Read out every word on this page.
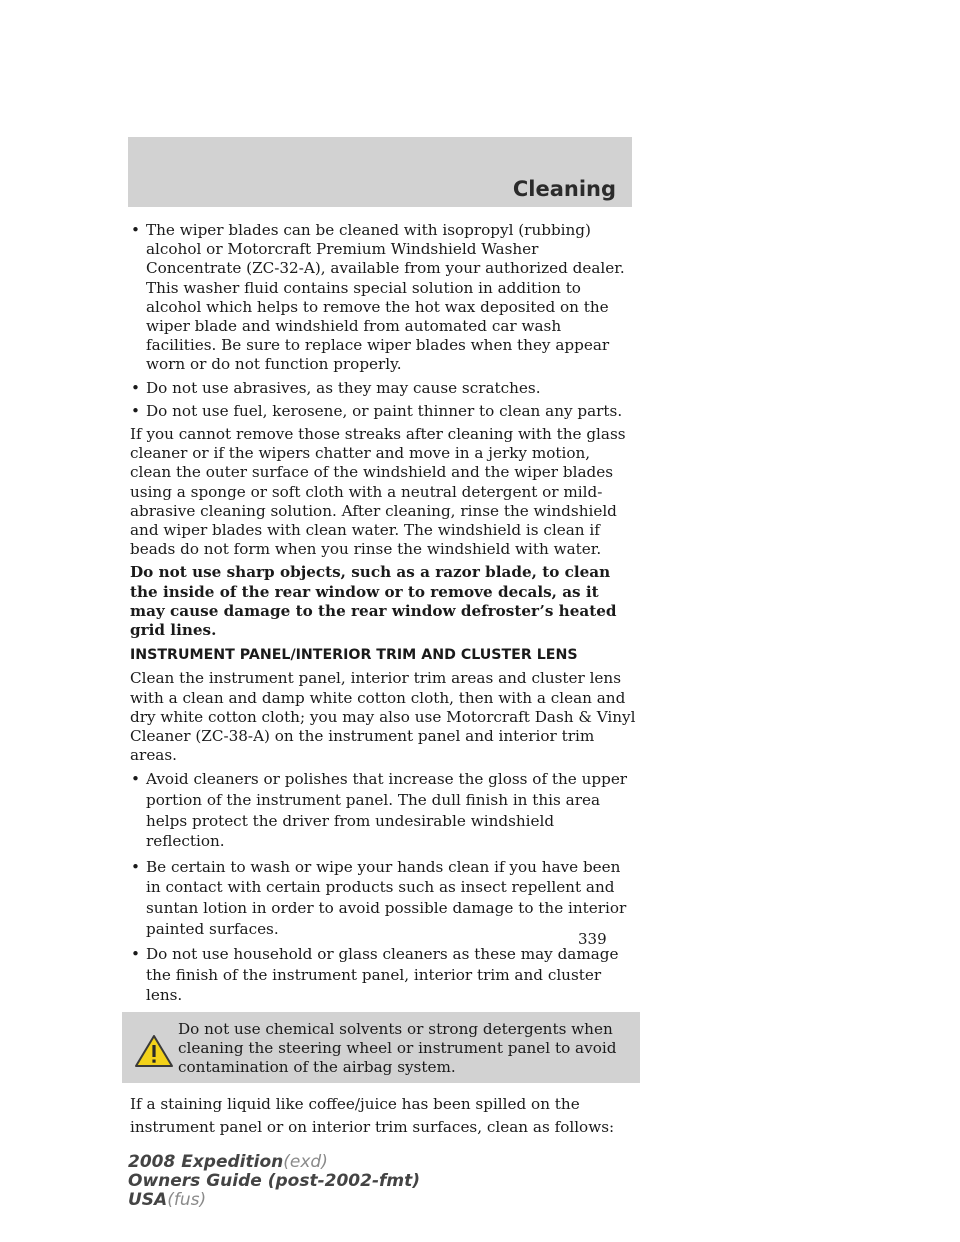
Cleaning
• The wiper blades can be cleaned with isopropyl (rubbing) alcohol or Motorcraft Premium Windshield Washer Concentrate (ZC-32-A), available from your authorized dealer. This washer fluid contains special solution in addition to alcohol which helps to remove the hot wax deposited on the wiper blade and windshield from automated car wash facilities. Be sure to replace wiper blades when they appear worn or do not function properly.
• Do not use abrasives, as they may cause scratches.
• Do not use fuel, kerosene, or paint thinner to clean any parts.

If you cannot remove those streaks after cleaning with the glass cleaner or if the wipers chatter and move in a jerky motion, clean the outer surface of the windshield and the wiper blades using a sponge or soft cloth with a neutral detergent or mild-abrasive cleaning solution. After cleaning, rinse the windshield and wiper blades with clean water. The windshield is clean if beads do not form when you rinse the windshield with water.

Do not use sharp objects, such as a razor blade, to clean the inside of the rear window or to remove decals, as it may cause damage to the rear window defroster’s heated grid lines.

INSTRUMENT PANEL/INTERIOR TRIM AND CLUSTER LENS

Clean the instrument panel, interior trim areas and cluster lens with a clean and damp white cotton cloth, then with a clean and dry white cotton cloth; you may also use Motorcraft Dash & Vinyl Cleaner (ZC-38-A) on the instrument panel and interior trim areas.

• Avoid cleaners or polishes that increase the gloss of the upper portion of the instrument panel. The dull finish in this area helps protect the driver from undesirable windshield reflection.
• Be certain to wash or wipe your hands clean if you have been in contact with certain products such as insect repellent and suntan lotion in order to avoid possible damage to the interior painted surfaces.
• Do not use household or glass cleaners as these may damage the finish of the instrument panel, interior trim and cluster lens.
Do not use chemical solvents or strong detergents when cleaning the steering wheel or instrument panel to avoid contamination of the airbag system.

If a staining liquid like coffee/juice has been spilled on the instrument panel or on interior trim surfaces, clean as follows:

339
2008 Expedition(exd)
Owners Guide (post-2002-fmt)
USA(fus)
